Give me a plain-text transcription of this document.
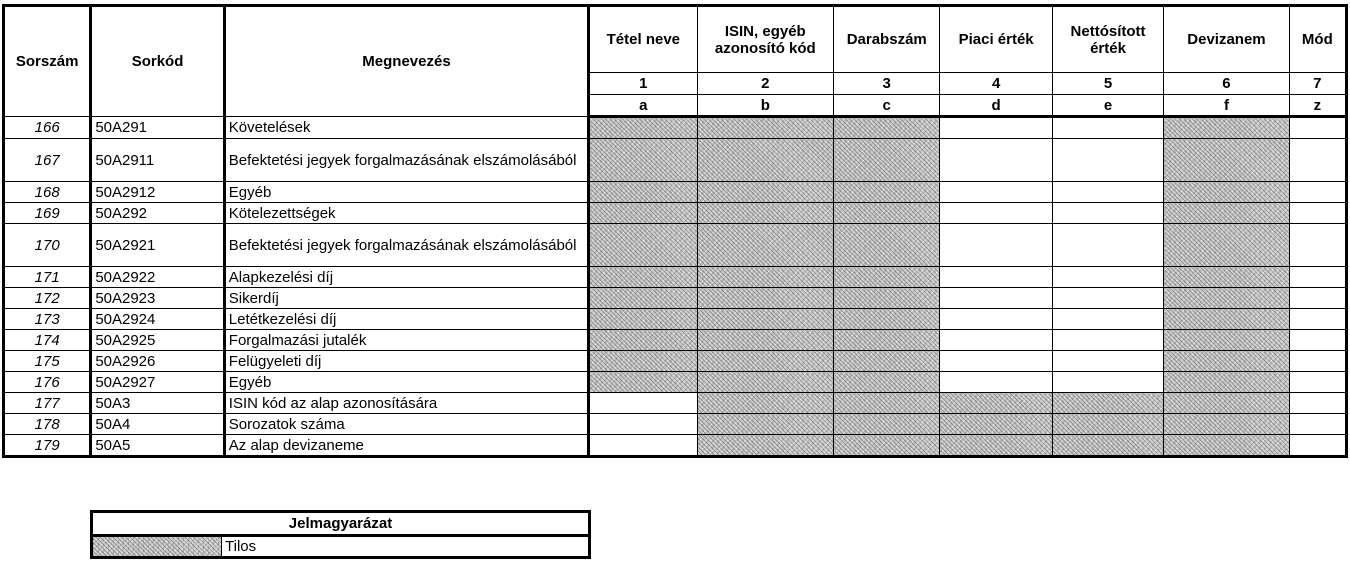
Sorszám	Sorkód	Megnevezés	Tétel neve	ISIN, egyéb azonosító kód	Darabszám	Piaci érték	Nettósított érték	Devizanem	Mód
			1	2	3	4	5	6	7
			a	b	c	d	e	f	z
166	50A291	Követelések							
167	50A2911	Befektetési jegyek forgalmazásának elszámolásából							
168	50A2912	Egyéb							
169	50A292	Kötelezettségek							
170	50A2921	Befektetési jegyek forgalmazásának elszámolásából							
171	50A2922	Alapkezelési díj							
172	50A2923	Sikerdíj							
173	50A2924	Letétkezelési díj							
174	50A2925	Forgalmazási jutalék							
175	50A2926	Felügyeleti díj							
176	50A2927	Egyéb							
177	50A3	ISIN kód az alap azonosítására							
178	50A4	Sorozatok száma							
179	50A5	Az alap devizaneme							
Jelmagyarázat
Tilos
